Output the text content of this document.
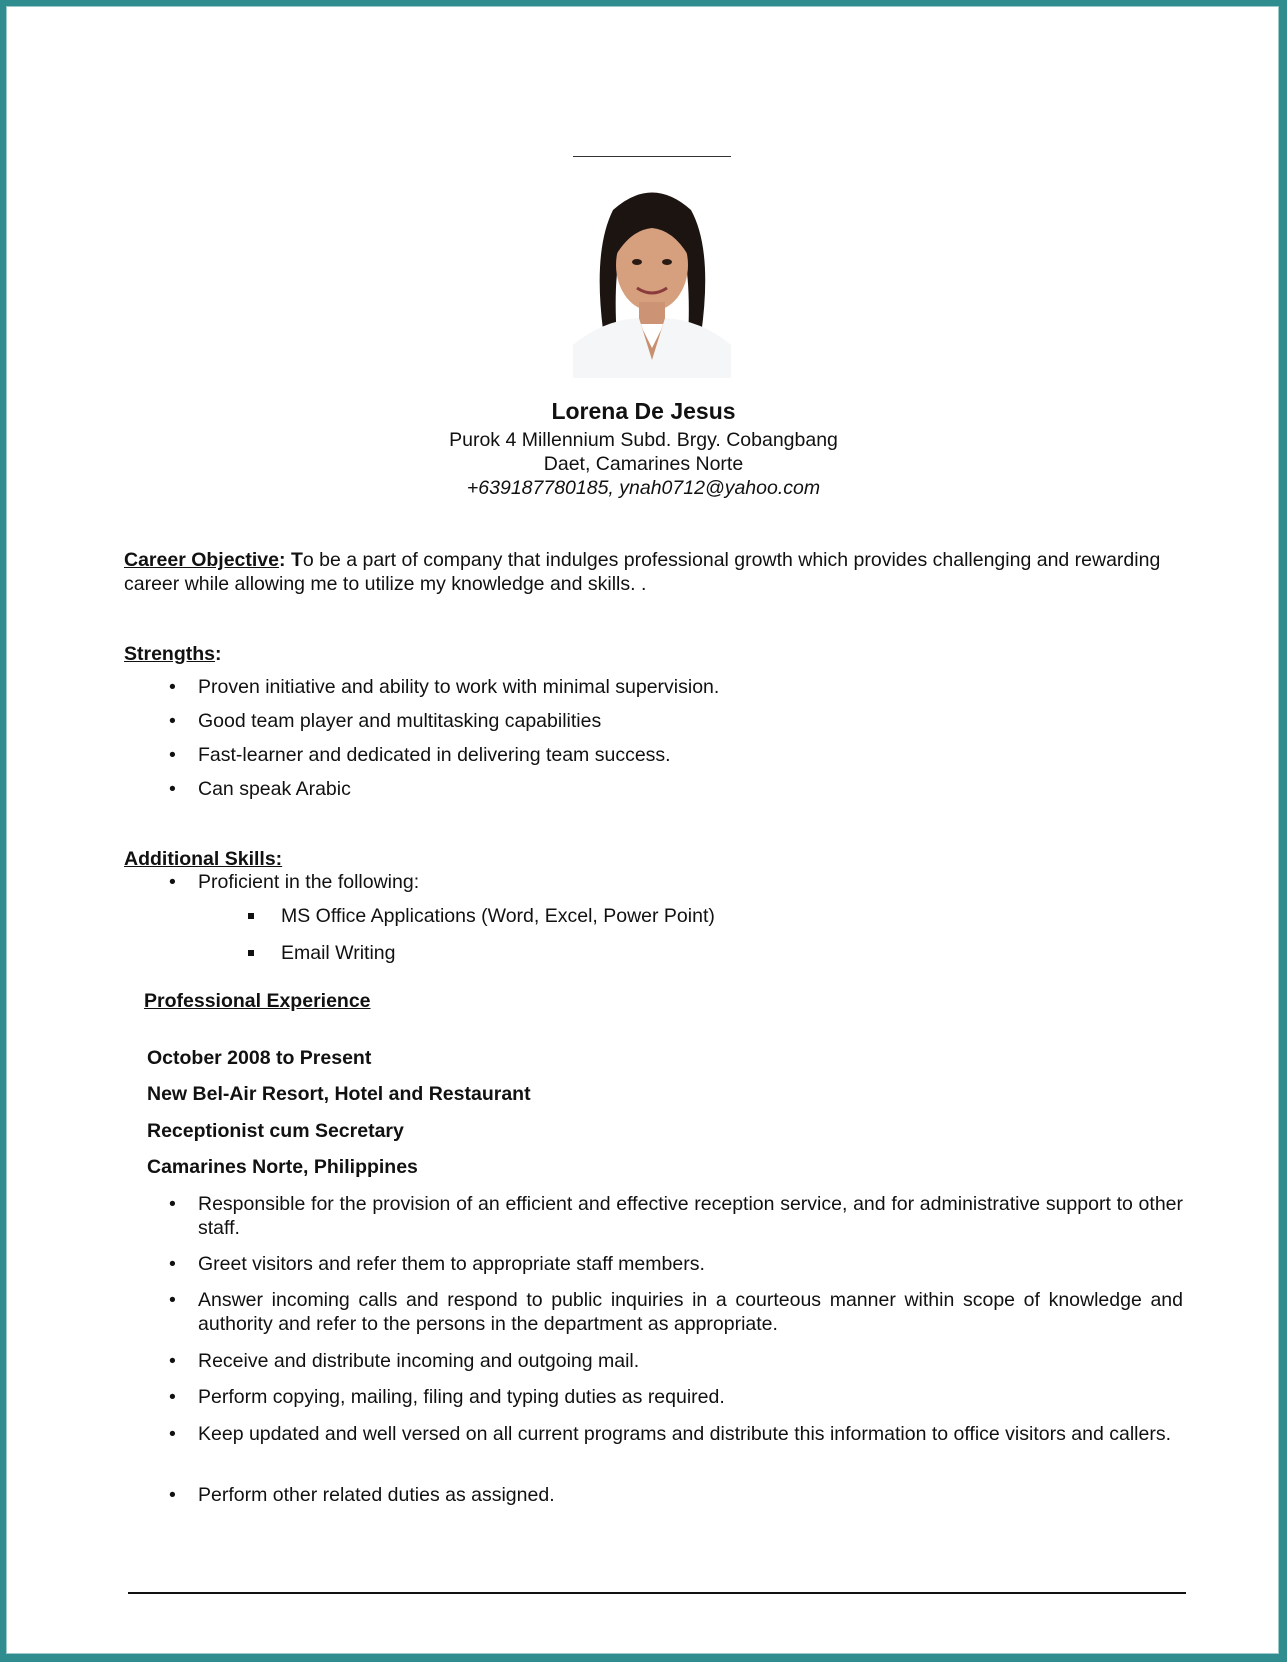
Lorena De Jesus
Purok 4 Millennium Subd. Brgy. Cobangbang
Daet, Camarines Norte
+639187780185, ynah0712@yahoo.com
Career Objective: To be a part of company that indulges professional growth which provides challenging and rewarding career while allowing me to utilize my knowledge and skills. .
Strengths:
• Proven initiative and ability to work with minimal supervision.
• Good team player and multitasking capabilities
• Fast-learner and dedicated in delivering team success.
• Can speak Arabic
Additional Skills:
• Proficient in the following:
MS Office Applications (Word, Excel, Power Point)
Email Writing
Professional Experience
October 2008 to Present
New Bel-Air Resort, Hotel and Restaurant
Receptionist cum Secretary
Camarines Norte, Philippines
• Responsible for the provision of an efficient and effective reception service, and for administrative support to other staff.
• Greet visitors and refer them to appropriate staff members.
• Answer incoming calls and respond to public inquiries in a courteous manner within scope of knowledge and authority and refer to the persons in the department as appropriate.
• Receive and distribute incoming and outgoing mail.
• Perform copying, mailing, filing and typing duties as required.
• Keep updated and well versed on all current programs and distribute this information to office visitors and callers.
• Perform other related duties as assigned.
